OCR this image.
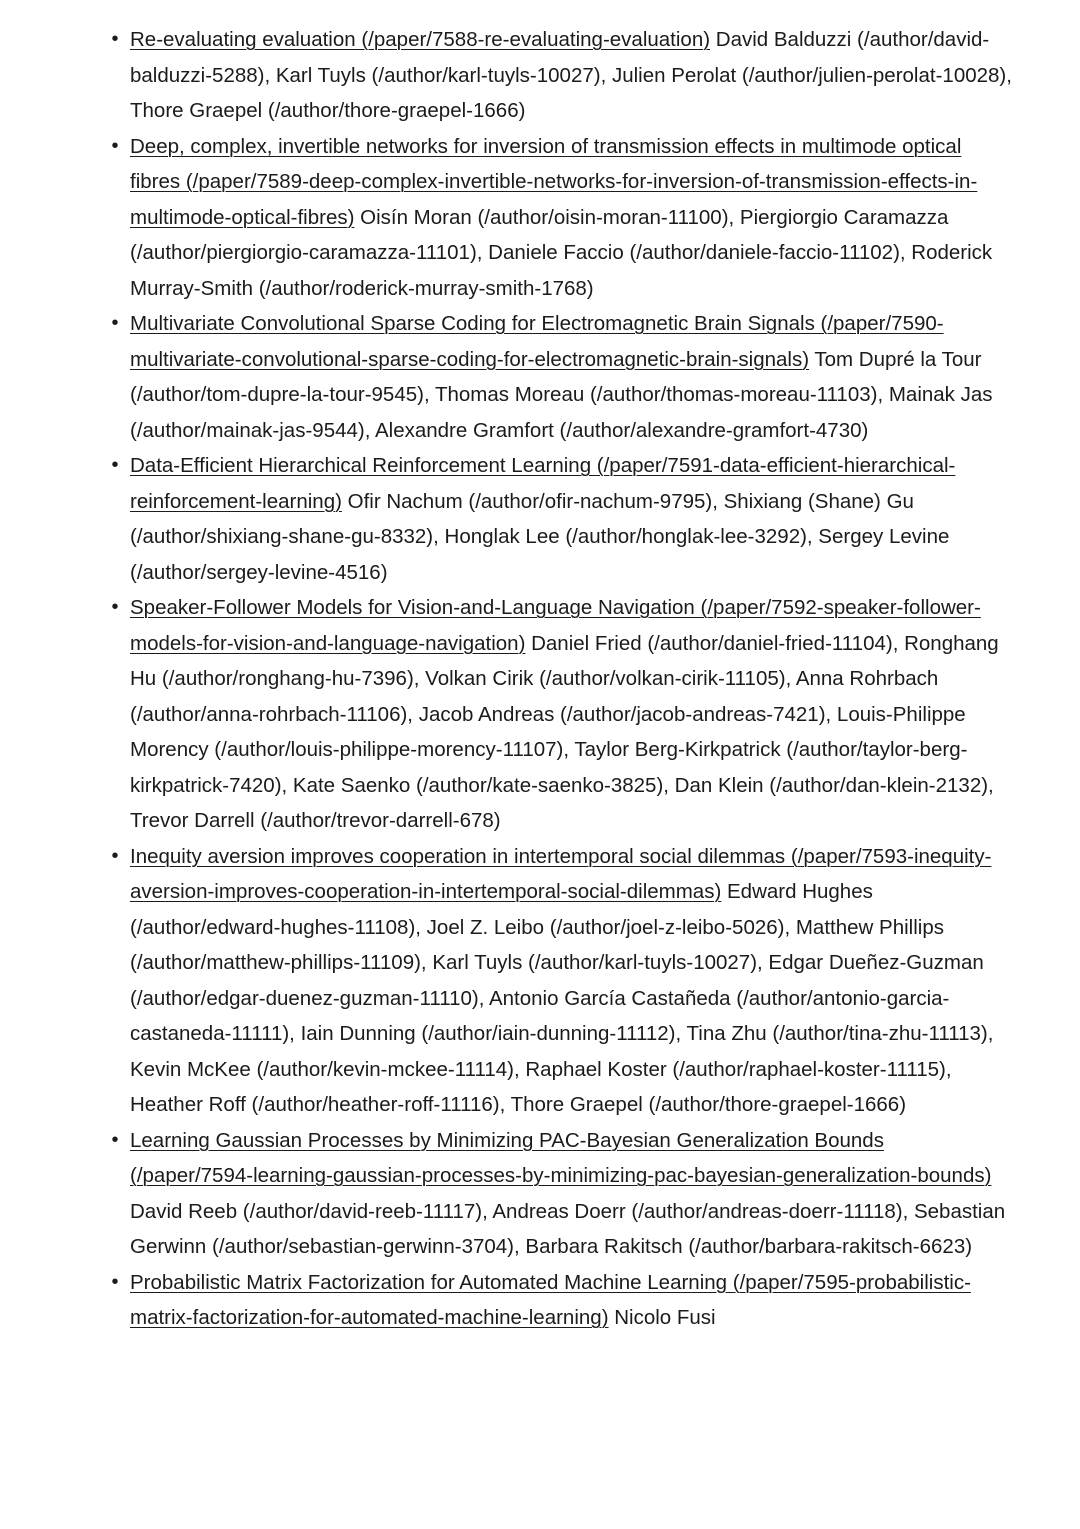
• Re-evaluating evaluation (/paper/7588-re-evaluating-evaluation) David Balduzzi (/author/david-balduzzi-5288), Karl Tuyls (/author/karl-tuyls-10027), Julien Perolat (/author/julien-perolat-10028), Thore Graepel (/author/thore-graepel-1666)
• Deep, complex, invertible networks for inversion of transmission effects in multimode optical fibres (/paper/7589-deep-complex-invertible-networks-for-inversion-of-transmission-effects-in-multimode-optical-fibres) Oisín Moran (/author/oisin-moran-11100), Piergiorgio Caramazza (/author/piergiorgio-caramazza-11101), Daniele Faccio (/author/daniele-faccio-11102), Roderick Murray-Smith (/author/roderick-murray-smith-1768)
• Multivariate Convolutional Sparse Coding for Electromagnetic Brain Signals (/paper/7590-multivariate-convolutional-sparse-coding-for-electromagnetic-brain-signals) Tom Dupré la Tour (/author/tom-dupre-la-tour-9545), Thomas Moreau (/author/thomas-moreau-11103), Mainak Jas (/author/mainak-jas-9544), Alexandre Gramfort (/author/alexandre-gramfort-4730)
• Data-Efficient Hierarchical Reinforcement Learning (/paper/7591-data-efficient-hierarchical-reinforcement-learning) Ofir Nachum (/author/ofir-nachum-9795), Shixiang (Shane) Gu (/author/shixiang-shane-gu-8332), Honglak Lee (/author/honglak-lee-3292), Sergey Levine (/author/sergey-levine-4516)
• Speaker-Follower Models for Vision-and-Language Navigation (/paper/7592-speaker-follower-models-for-vision-and-language-navigation) Daniel Fried (/author/daniel-fried-11104), Ronghang Hu (/author/ronghang-hu-7396), Volkan Cirik (/author/volkan-cirik-11105), Anna Rohrbach (/author/anna-rohrbach-11106), Jacob Andreas (/author/jacob-andreas-7421), Louis-Philippe Morency (/author/louis-philippe-morency-11107), Taylor Berg-Kirkpatrick (/author/taylor-berg-kirkpatrick-7420), Kate Saenko (/author/kate-saenko-3825), Dan Klein (/author/dan-klein-2132), Trevor Darrell (/author/trevor-darrell-678)
• Inequity aversion improves cooperation in intertemporal social dilemmas (/paper/7593-inequity-aversion-improves-cooperation-in-intertemporal-social-dilemmas) Edward Hughes (/author/edward-hughes-11108), Joel Z. Leibo (/author/joel-z-leibo-5026), Matthew Phillips (/author/matthew-phillips-11109), Karl Tuyls (/author/karl-tuyls-10027), Edgar Dueñez-Guzman (/author/edgar-duenez-guzman-11110), Antonio García Castañeda (/author/antonio-garcia-castaneda-11111), Iain Dunning (/author/iain-dunning-11112), Tina Zhu (/author/tina-zhu-11113), Kevin McKee (/author/kevin-mckee-11114), Raphael Koster (/author/raphael-koster-11115), Heather Roff (/author/heather-roff-11116), Thore Graepel (/author/thore-graepel-1666)
• Learning Gaussian Processes by Minimizing PAC-Bayesian Generalization Bounds (/paper/7594-learning-gaussian-processes-by-minimizing-pac-bayesian-generalization-bounds) David Reeb (/author/david-reeb-11117), Andreas Doerr (/author/andreas-doerr-11118), Sebastian Gerwinn (/author/sebastian-gerwinn-3704), Barbara Rakitsch (/author/barbara-rakitsch-6623)
• Probabilistic Matrix Factorization for Automated Machine Learning (/paper/7595-probabilistic-matrix-factorization-for-automated-machine-learning) Nicolo Fusi
